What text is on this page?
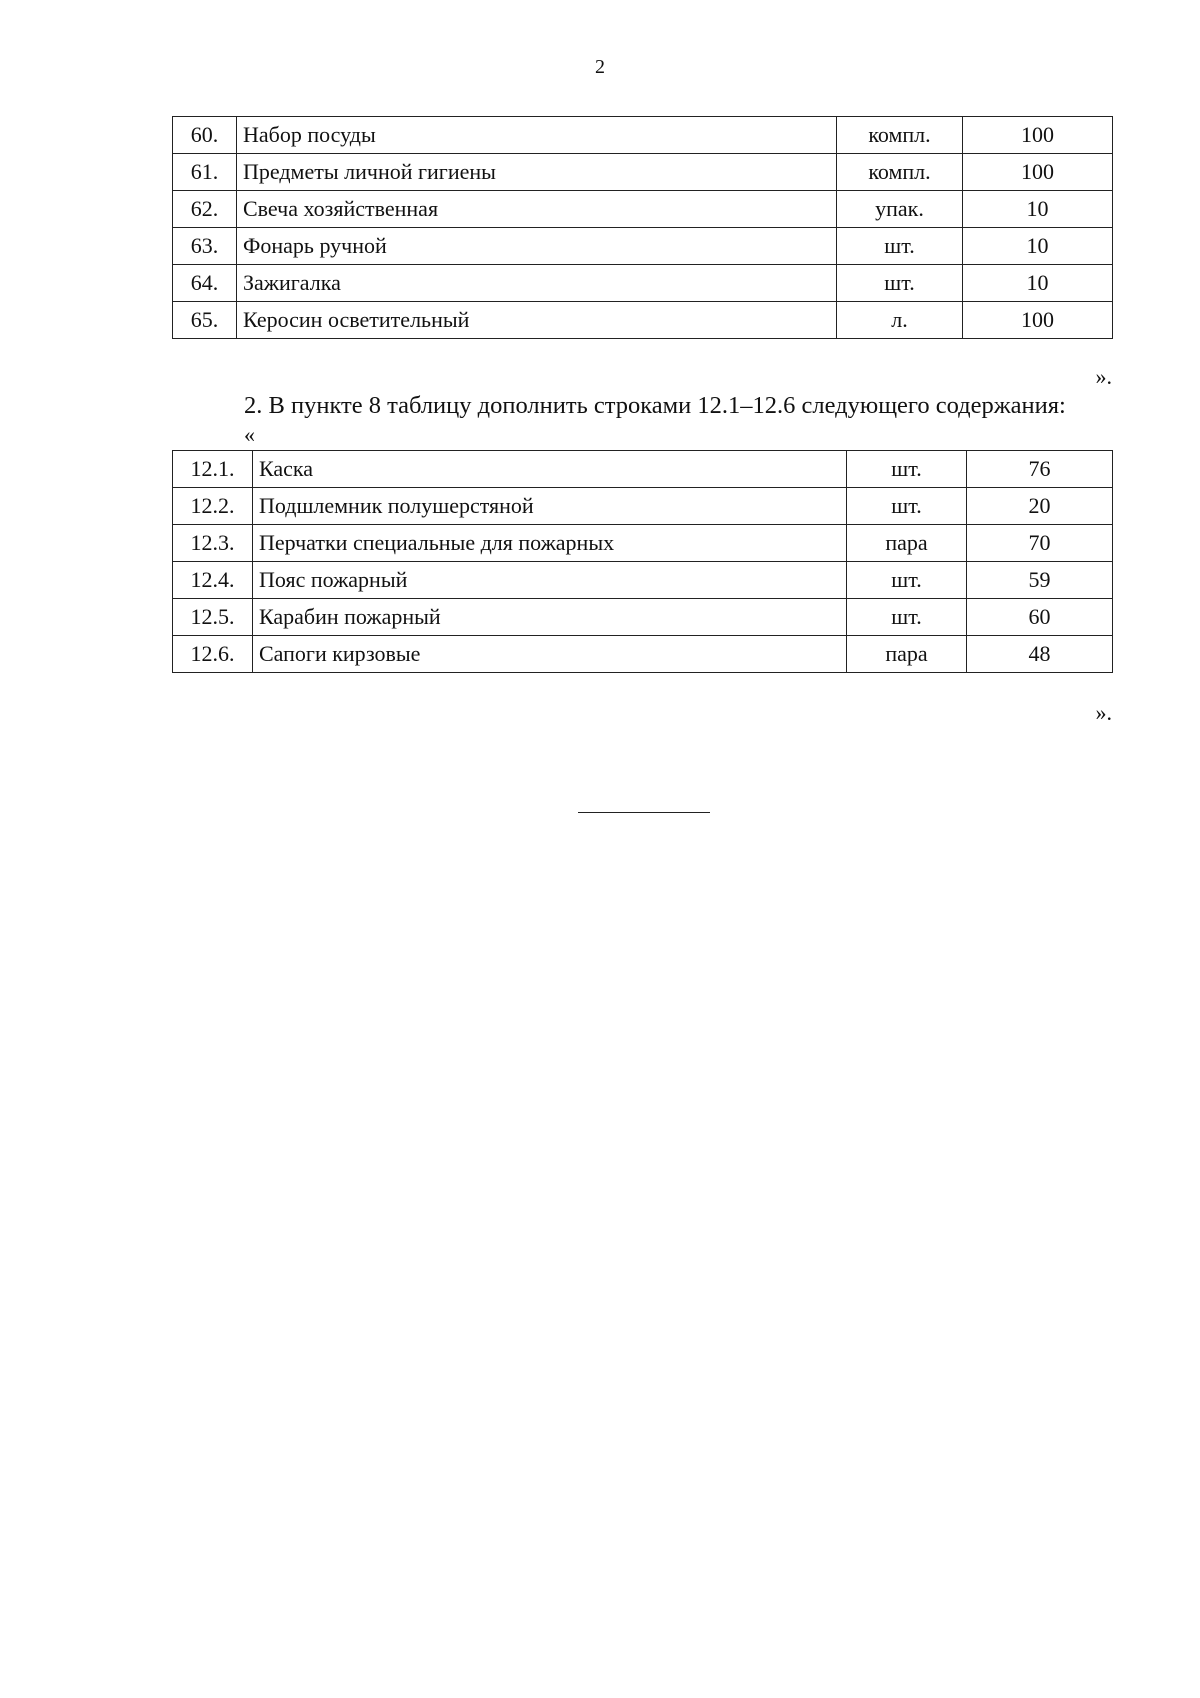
2
60.	Набор посуды	компл.	100
61.	Предметы личной гигиены	компл.	100
62.	Свеча хозяйственная	упак.	10
63.	Фонарь ручной	шт.	10
64.	Зажигалка	шт.	10
65.	Керосин осветительный	л.	100
».
2. В пункте 8 таблицу дополнить строками 12.1–12.6 следующего содержания:
«
12.1.	Каска	шт.	76
12.2.	Подшлемник полушерстяной	шт.	20
12.3.	Перчатки специальные для пожарных	пара	70
12.4.	Пояс пожарный	шт.	59
12.5.	Карабин пожарный	шт.	60
12.6.	Сапоги кирзовые	пара	48
».
